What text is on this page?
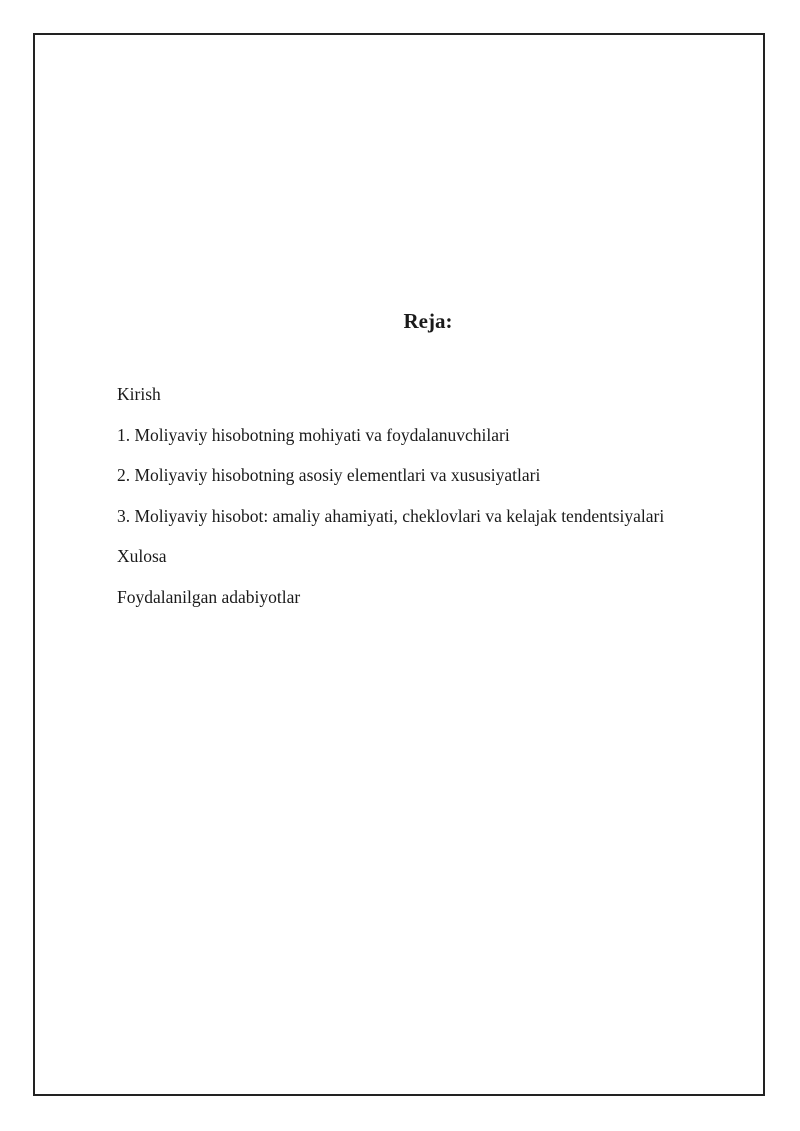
Reja:
Kirish
1. Moliyaviy hisobotning mohiyati va foydalanuvchilari
2. Moliyaviy hisobotning asosiy elementlari va xususiyatlari
3. Moliyaviy hisobot: amaliy ahamiyati, cheklovlari va kelajak tendentsiyalari
Xulosa
Foydalanilgan adabiyotlar
